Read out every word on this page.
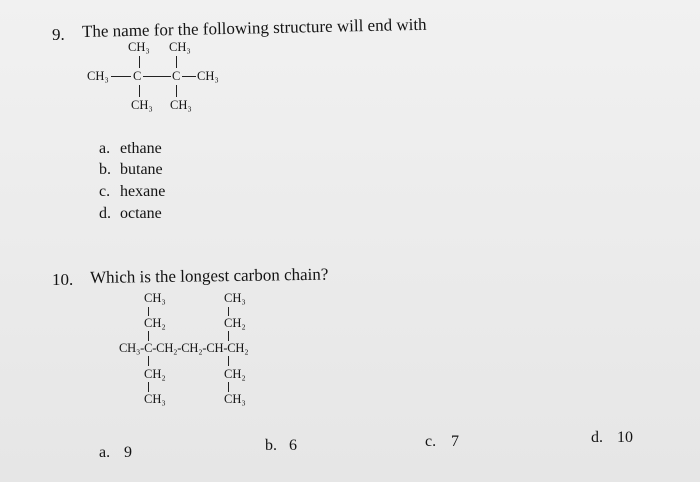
9. The name for the following structure will end with
CH₃ CH₃
CH₃ C C CH₃
CH₃ CH₃
a. ethane
b. butane
c. hexane
d. octane
10. Which is the longest carbon chain?
CH₃	CH₃
CH₂	CH₂
CH₃-C-CH₂-CH₂-CH-CH₂
CH₂	CH₂
CH₃	CH₃
a. 9	b. 6	c. 7	d. 10
